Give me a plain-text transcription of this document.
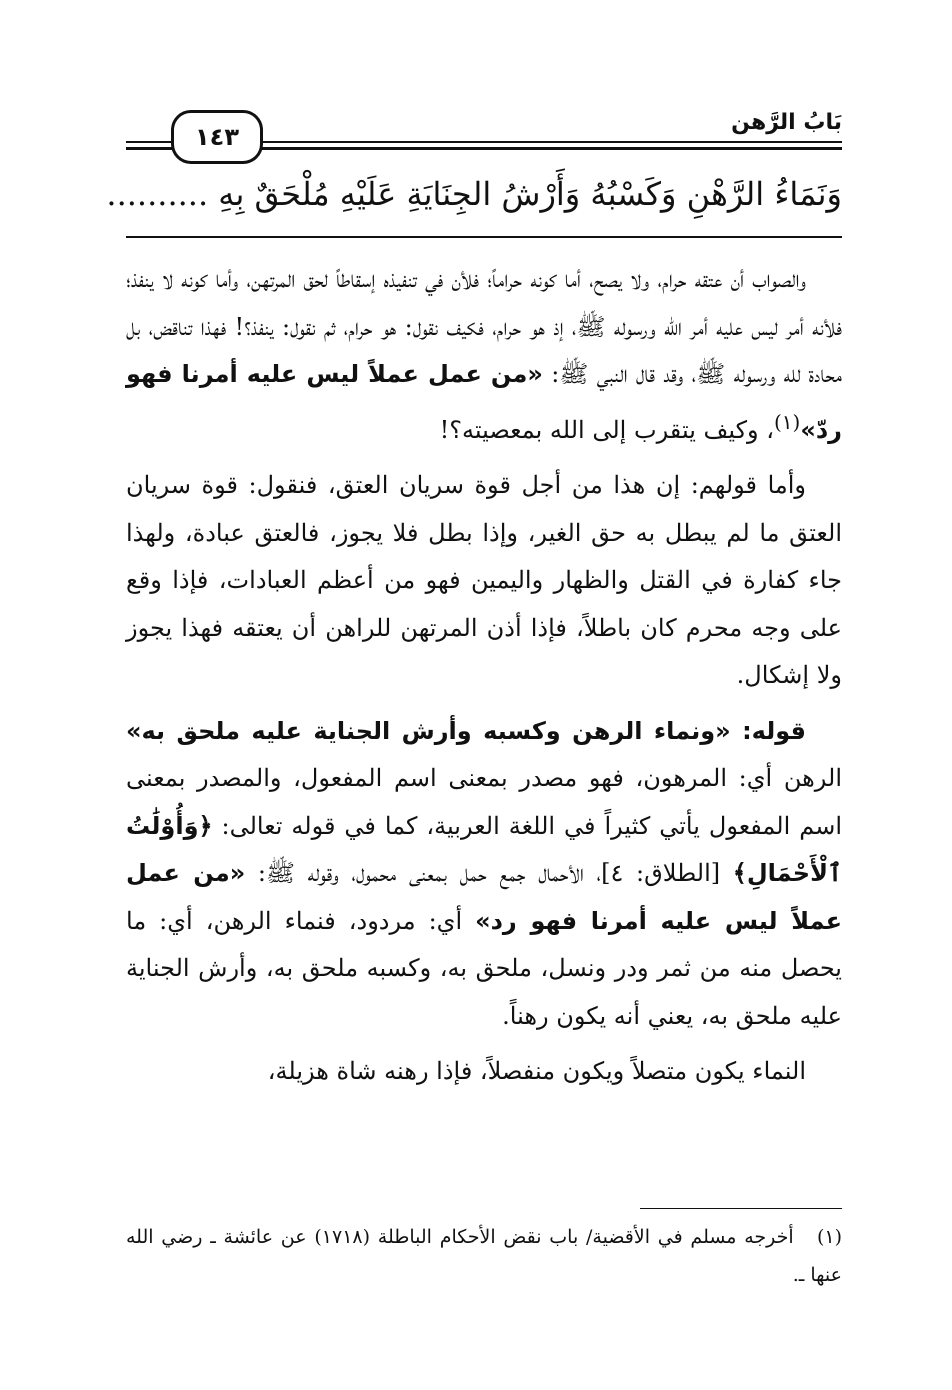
بَابُ الرَّهن
١٤٣
وَنَمَاءُ الرَّهْنِ وَكَسْبُهُ وَأَرْشُ الجِنَايَةِ عَلَيْهِ مُلْحَقٌ بِهِ ..........

والصواب أن عتقه حرام، ولا يصح، أما كونه حراماً؛ فلأن في تنفيذه إسقاطاً لحق المرتهن، وأما كونه لا ينفذ؛ فلأنه أمر ليس عليه أمر الله ورسوله ﷺ، إذ هو حرام، فكيف نقول: هو حرام، ثم نقول: ينفذ؟! فهذا تناقض، بل محادة لله ورسوله ﷺ، وقد قال النبي ﷺ: «من عمل عملاً ليس عليه أمرنا فهو ردّ»$^{(١)}$، وكيف يتقرب إلى الله بمعصيته؟!

وأما قولهم: إن هذا من أجل قوة سريان العتق، فنقول: قوة سريان العتق ما لم يبطل به حق الغير، وإذا بطل فلا يجوز، فالعتق عبادة، ولهذا جاء كفارة في القتل والظهار واليمين فهو من أعظم العبادات، فإذا وقع على وجه محرم كان باطلاً، فإذا أذن المرتهن للراهن أن يعتقه فهذا يجوز ولا إشكال.

قوله: «ونماء الرهن وكسبه وأرش الجناية عليه ملحق به» الرهن أي: المرهون، فهو مصدر بمعنى اسم المفعول، والمصدر بمعنى اسم المفعول يأتي كثيراً في اللغة العربية، كما في قوله تعالى: ﴿وَأُوْلَٰتُ ٱلْأَحْمَالِ﴾ [الطلاق: ٤]، الأحمال جمع حمل بمعنى محمول، وقوله ﷺ: «من عمل عملاً ليس عليه أمرنا فهو رد» أي: مردود، فنماء الرهن، أي: ما يحصل منه من ثمر ودر ونسل، ملحق به، وكسبه ملحق به، وأرش الجناية عليه ملحق به، يعني أنه يكون رهناً.

النماء يكون متصلاً ويكون منفصلاً، فإذا رهنه شاة هزيلة،

(١)   أخرجه مسلم في الأقضية/ باب نقض الأحكام الباطلة (١٧١٨) عن عائشة ـ رضي الله عنها ـ.
